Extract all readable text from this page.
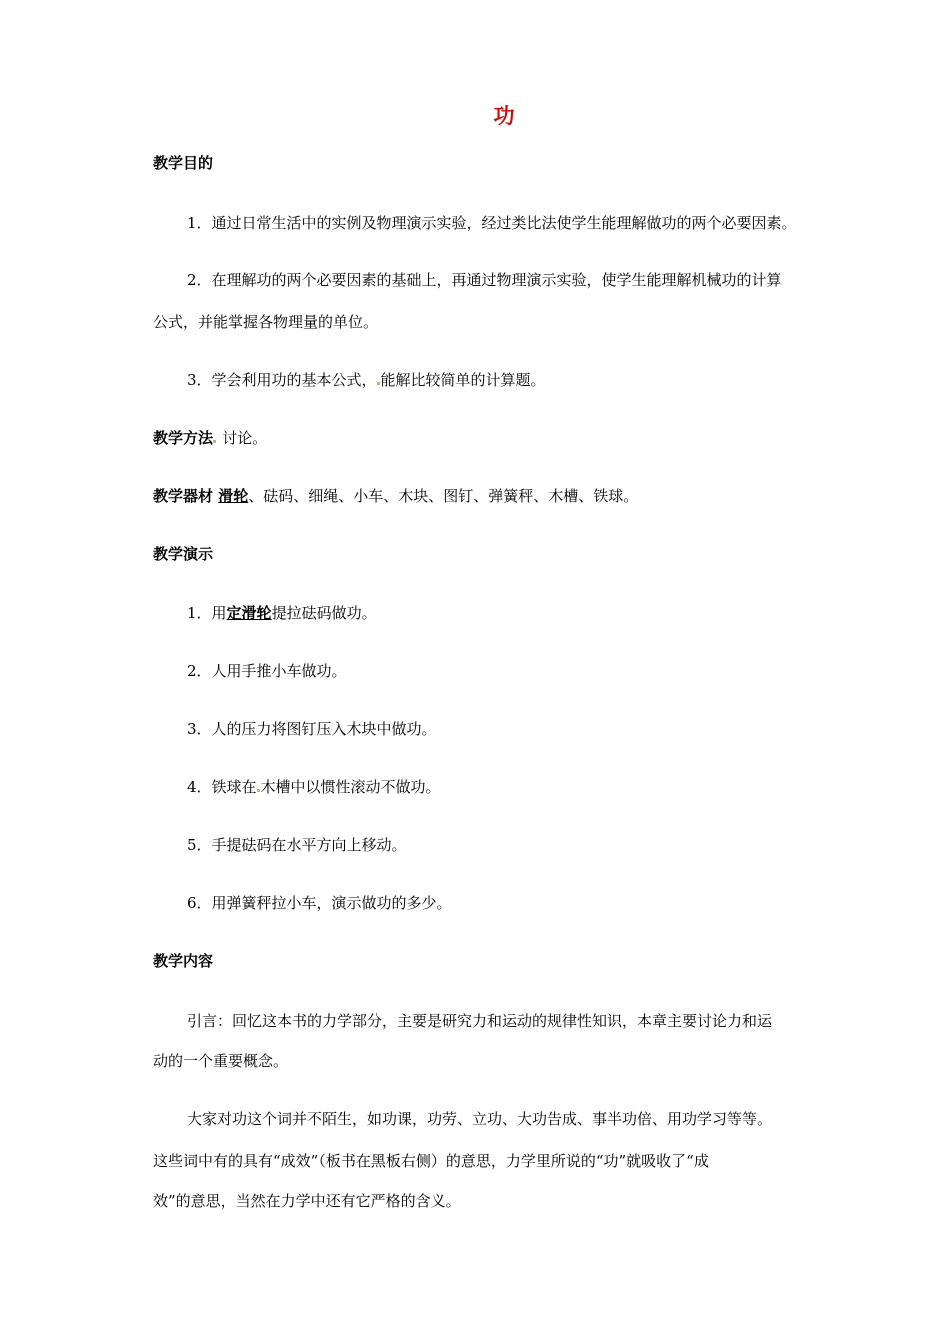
功
教学目的
1．通过日常生活中的实例及物理演示实验，经过类比法使学生能理解做功的两个必要因素。
2．在理解功的两个必要因素的基础上，再通过物理演示实验，使学生能理解机械功的计算
公式，并能掌握各物理量的单位。
3．学会利用功的基本公式， 能解比较简单的计算题。
教学方法 讨论。
教学器材 滑轮、砝码、细绳、小车、木块、图钉、弹簧秤、木槽、铁球。
教学演示
1．用定滑轮提拉砝码做功。
2．人用手推小车做功。
3．人的压力将图钉压入木块中做功。
4．铁球在 木槽中以惯性滚动不做功。
5．手提砝码在水平方向上移动。
6．用弹簧秤拉小车，演示做功的多少。
教学内容
引言：回忆这本书的力学部分，主要是研究力和运动的规律性知识，本章主要讨论力和运
动的一个重要概念。
大家对功这个词并不陌生，如功课，功劳、立功、大功告成、事半功倍、用功学习等等。
这些词中有的具有“成效”（板书在黑板右侧）的意思，力学里所说的“功”就吸收了“成
效”的意思，当然在力学中还有它严格的含义。
